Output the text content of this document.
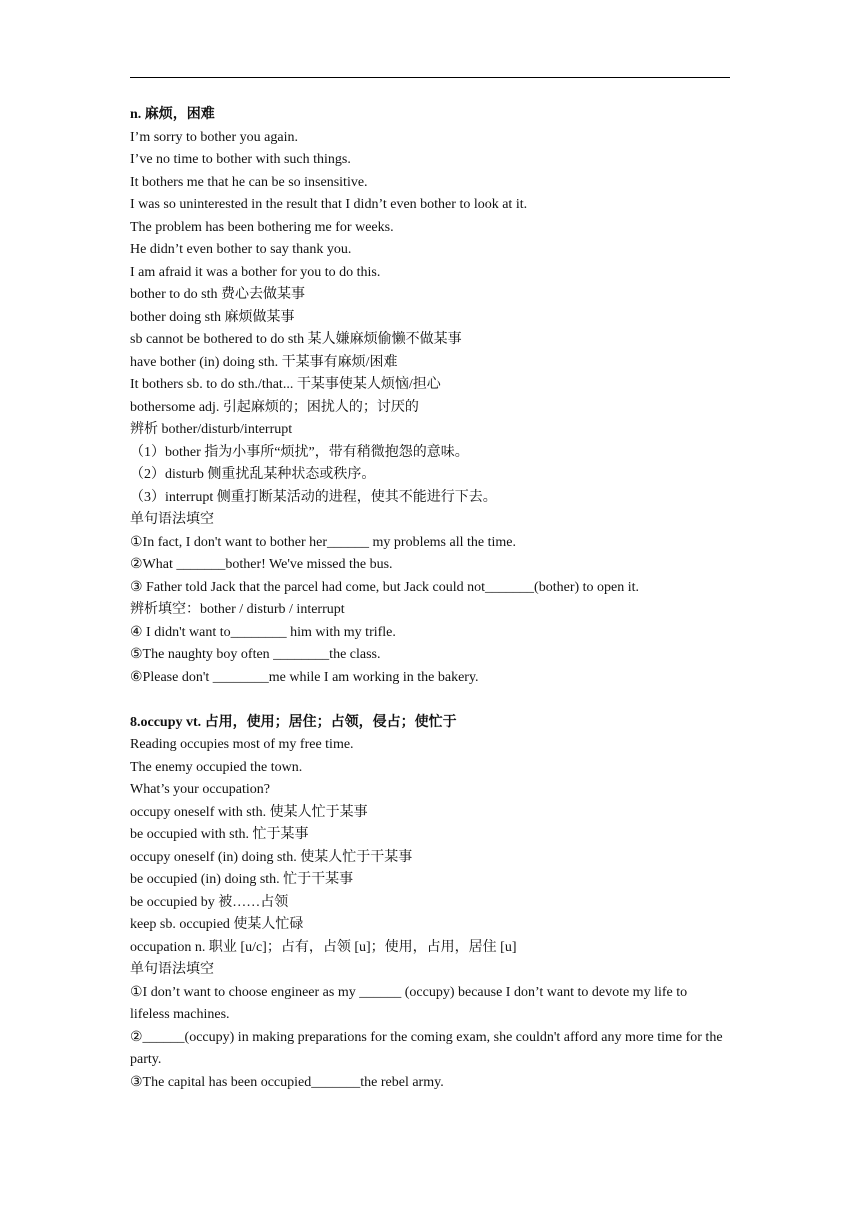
n. 麻烦，困难
I’m sorry to bother you again.
I’ve no time to bother with such things.
It bothers me that he can be so insensitive.
I was so uninterested in the result that I didn’t even bother to look at it.
The problem has been bothering me for weeks.
He didn’t even bother to say thank you.
I am afraid it was a bother for you to do this.
bother to do sth 费心去做某事
bother doing sth 麻烦做某事
sb cannot be bothered to do sth 某人嫌麻烦偷懒不做某事
have bother (in) doing sth. 干某事有麻烦/困难
It bothers sb. to do sth./that... 干某事使某人烦恼/担心
bothersome adj. 引起麻烦的；困扰人的；讨厌的
辨析 bother/disturb/interrupt
（1）bother 指为小事所“烦扰”，带有稍微抱怨的意味。
（2）disturb 侧重扰乱某种状态或秩序。
（3）interrupt 侧重打断某活动的进程，使其不能进行下去。
单句语法填空
①In fact, I don't want to bother her______ my problems all the time.
②What _______bother! We've missed the bus.
③ Father told Jack that the parcel had come, but Jack could not_______(bother) to open it.
辨析填空：bother / disturb / interrupt
④ I didn't want to________ him with my trifle.
⑤The naughty boy often ________the class.
⑥Please don't ________me while I am working in the bakery.
8.occupy vt. 占用，使用；居住；占领，侵占；使忙于
Reading occupies most of my free time.
The enemy occupied the town.
What’s your occupation?
occupy oneself with sth. 使某人忙于某事
be occupied with sth. 忙于某事
occupy oneself (in) doing sth. 使某人忙于干某事
be occupied (in) doing sth. 忙于干某事
be occupied by 被……占领
keep sb. occupied 使某人忙碌
occupation n. 职业 [u/c]；占有，占领 [u]；使用，占用，居住 [u]
单句语法填空
①I don’t want to choose engineer as my ______ (occupy) because I don’t want to devote my life to lifeless machines.
②______(occupy) in making preparations for the coming exam, she couldn't afford any more time for the party.
③The capital has been occupied_______the rebel army.
